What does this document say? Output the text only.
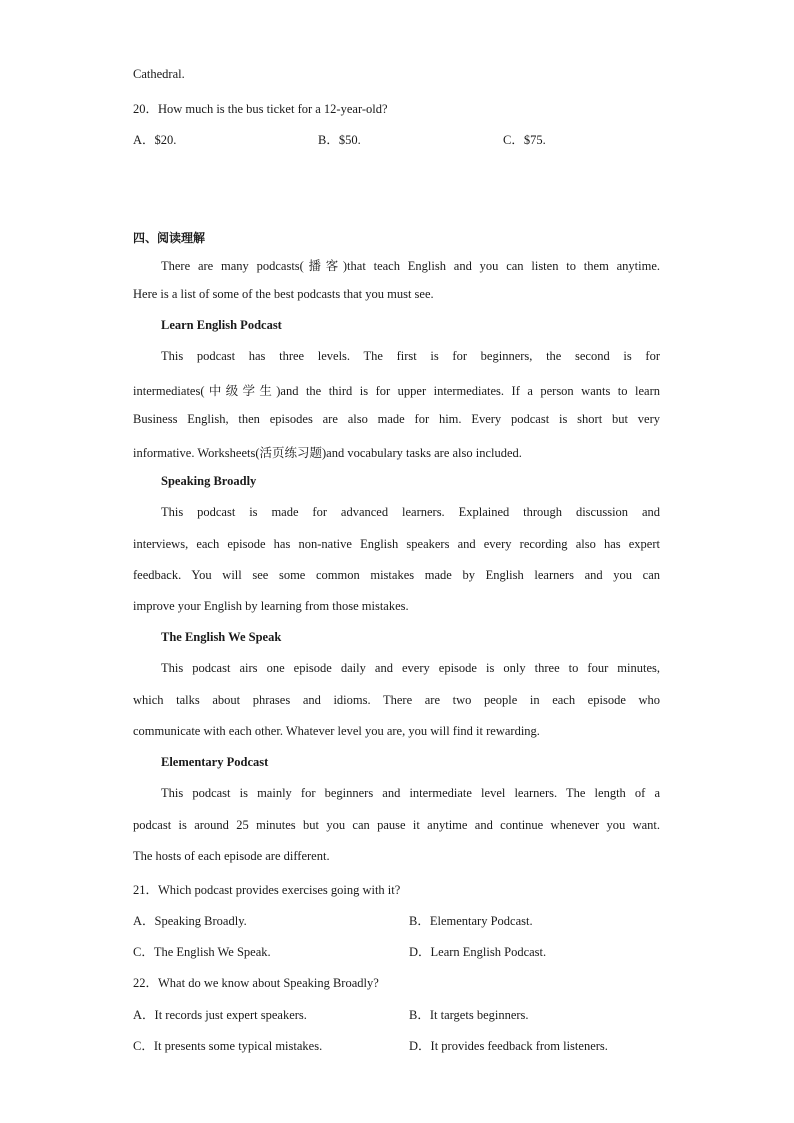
Cathedral.
20．How much is the bus ticket for a 12-year-old?
A．$20.	B．$50.	C．$75.
四、阅读理解
There are many podcasts(播客)that teach English and you can listen to them anytime.
Here is a list of some of the best podcasts that you must see.
Learn English Podcast
This podcast has three levels. The first is for beginners, the second is for
intermediates(中级学生)and the third is for upper intermediates. If a person wants to learn
Business English, then episodes are also made for him. Every podcast is short but very
informative. Worksheets(活页练习题)and vocabulary tasks are also included.
Speaking Broadly
This podcast is made for advanced learners. Explained through discussion and
interviews, each episode has non-native English speakers and every recording also has expert
feedback. You will see some common mistakes made by English learners and you can
improve your English by learning from those mistakes.
The English We Speak
This podcast airs one episode daily and every episode is only three to four minutes,
which talks about phrases and idioms. There are two people in each episode who
communicate with each other. Whatever level you are, you will find it rewarding.
Elementary Podcast
This podcast is mainly for beginners and intermediate level learners. The length of a
podcast is around 25 minutes but you can pause it anytime and continue whenever you want.
The hosts of each episode are different.
21．Which podcast provides exercises going with it?
A．Speaking Broadly.	B．Elementary Podcast.
C．The English We Speak.	D．Learn English Podcast.
22．What do we know about Speaking Broadly?
A．It records just expert speakers.	B．It targets beginners.
C．It presents some typical mistakes.	D．It provides feedback from listeners.
